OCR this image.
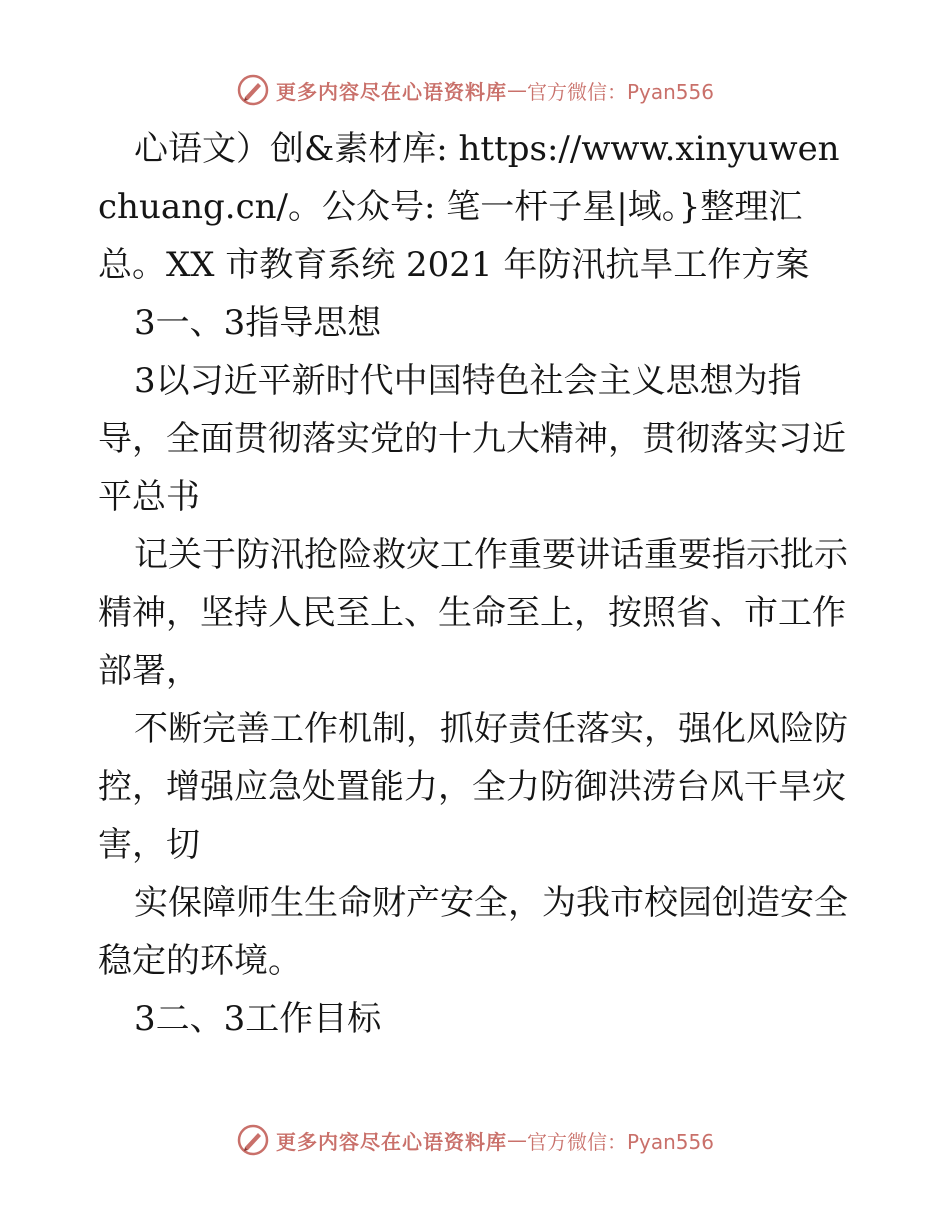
更多内容尽在心语资料库 — 官方微信：Pyan556

心语文）创&素材库: https://www.xinyuwenchuang.cn/。公众号: 笔一杆子星|域。}整理汇总。XX 市教育系统 2021 年防汛抗旱工作方案

3一、3指导思想

3以习近平新时代中国特色社会主义思想为指导，全面贯彻落实党的十九大精神，贯彻落实习近平总书

记关于防汛抢险救灾工作重要讲话重要指示批示精神，坚持人民至上、生命至上，按照省、市工作部署，

不断完善工作机制，抓好责任落实，强化风险防控，增强应急处置能力，全力防御洪涝台风干旱灾害，切

实保障师生生命财产安全，为我市校园创造安全稳定的环境。

3二、3工作目标

更多内容尽在心语资料库 — 官方微信：Pyan556
